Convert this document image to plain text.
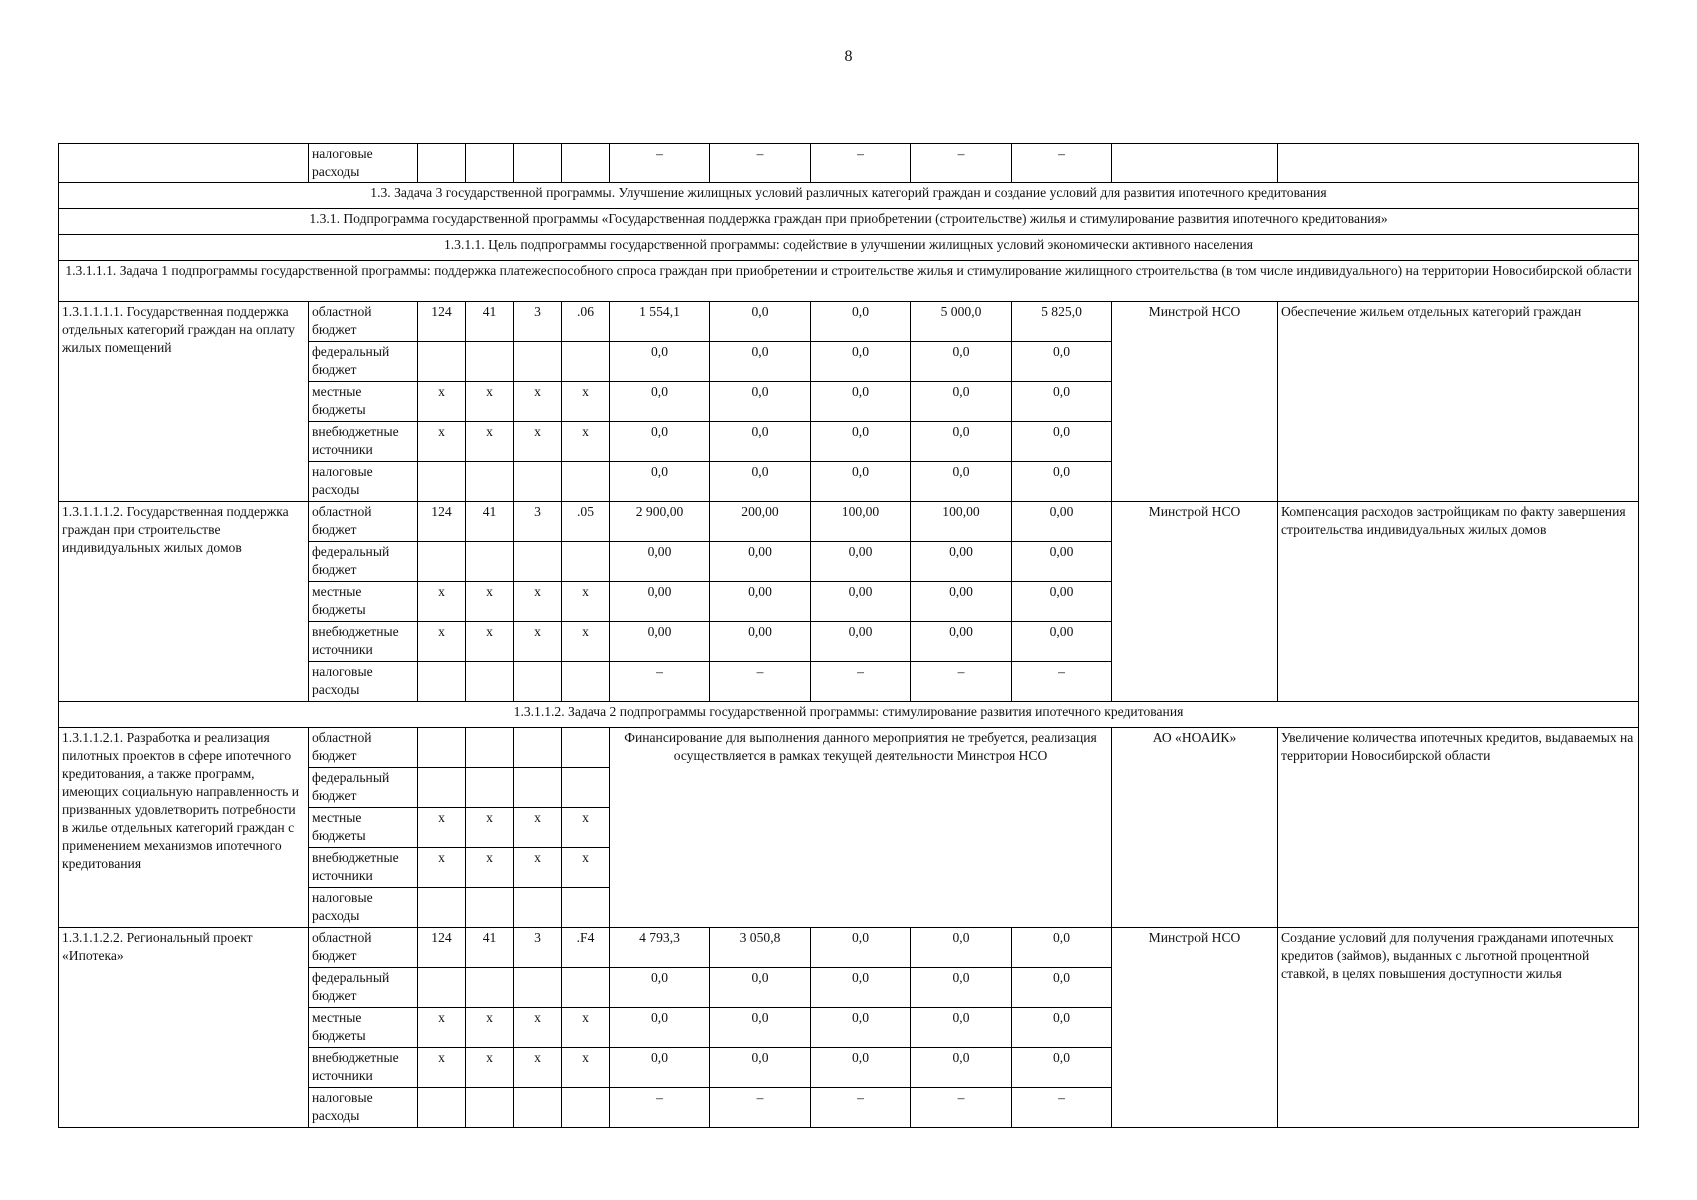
8
	налоговые расходы					–	–	–	–	–		
1.3. Задача 3 государственной программы. Улучшение жилищных условий различных категорий граждан и создание условий для развития ипотечного кредитования												
1.3.1. Подпрограмма государственной программы «Государственная поддержка граждан при приобретении (строительстве) жилья и стимулирование развития ипотечного кредитования»												
1.3.1.1. Цель подпрограммы государственной программы: содействие в улучшении жилищных условий экономически активного населения												
1.3.1.1.1. Задача 1 подпрограммы государственной программы: поддержка платежеспособного спроса граждан при приобретении и строительстве жилья и стимулирование жилищного строительства (в том числе индивидуального) на территории Новосибирской области												
1.3.1.1.1.1. Государственная поддержка отдельных категорий граждан на оплату жилых помещений	областной бюджет	124	41	3	.06	1 554,1	0,0	0,0	5 000,0	5 825,0	Минстрой НСО	Обеспечение жильем отдельных категорий граждан
	федеральный бюджет					0,0	0,0	0,0	0,0	0,0		
	местные бюджеты	х	х	х	х	0,0	0,0	0,0	0,0	0,0		
	внебюджетные источники	х	х	х	х	0,0	0,0	0,0	0,0	0,0		
	налоговые расходы					0,0	0,0	0,0	0,0	0,0		
1.3.1.1.1.2. Государственная поддержка граждан при строительстве индивидуальных жилых домов	областной бюджет	124	41	3	.05	2 900,00	200,00	100,00	100,00	0,00	Минстрой НСО	Компенсация расходов застройщикам по факту завершения строительства индивидуальных жилых домов
	федеральный бюджет					0,00	0,00	0,00	0,00	0,00		
	местные бюджеты	х	х	х	х	0,00	0,00	0,00	0,00	0,00		
	внебюджетные источники	х	х	х	х	0,00	0,00	0,00	0,00	0,00		
	налоговые расходы					–	–	–	–	–		
1.3.1.1.2. Задача 2 подпрограммы государственной программы: стимулирование развития ипотечного кредитования												
1.3.1.1.2.1. Разработка и реализация пилотных проектов в сфере ипотечного кредитования, а также программ, имеющих социальную направленность и призванных удовлетворить потребности в жилье отдельных категорий граждан с применением механизмов ипотечного кредитования	областной бюджет					Финансирование для выполнения данного мероприятия не требуется, реализация осуществляется в рамках текущей деятельности Минстроя НСО					АО «НОАИК»	Увеличение количества ипотечных кредитов, выдаваемых на территории Новосибирской области
	федеральный бюджет											
	местные бюджеты	х	х	х	х							
	внебюджетные источники	х	х	х	х							
	налоговые расходы											
1.3.1.1.2.2. Региональный проект «Ипотека»	областной бюджет	124	41	3	.F4	4 793,3	3 050,8	0,0	0,0	0,0	Минстрой НСО	Создание условий для получения гражданами ипотечных кредитов (займов), выданных с льготной процентной ставкой, в целях повышения доступности жилья
	федеральный бюджет					0,0	0,0	0,0	0,0	0,0		
	местные бюджеты	х	х	х	х	0,0	0,0	0,0	0,0	0,0		
	внебюджетные источники	х	х	х	х	0,0	0,0	0,0	0,0	0,0		
	налоговые расходы					–	–	–	–	–		
